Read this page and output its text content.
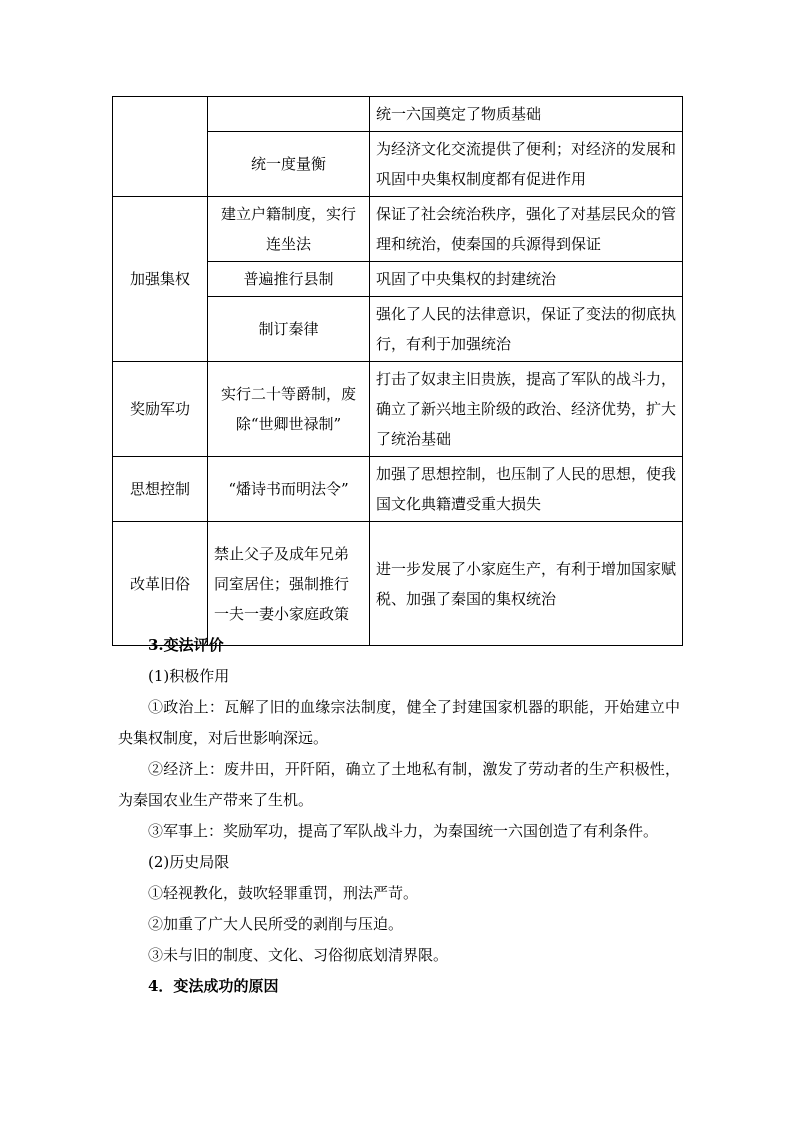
		统一六国奠定了物质基础
	统一度量衡	为经济文化交流提供了便利；对经济的发展和巩固中央集权制度都有促进作用
加强集权	建立户籍制度，实行连坐法	保证了社会统治秩序，强化了对基层民众的管理和统治，使秦国的兵源得到保证
	普遍推行县制	巩固了中央集权的封建统治
	制订秦律	强化了人民的法律意识，保证了变法的彻底执行，有利于加强统治
奖励军功	实行二十等爵制，废除“世卿世禄制”	打击了奴隶主旧贵族，提高了军队的战斗力，确立了新兴地主阶级的政治、经济优势，扩大了统治基础
思想控制	“燔诗书而明法令”	加强了思想控制，也压制了人民的思想，使我国文化典籍遭受重大损失
改革旧俗	禁止父子及成年兄弟同室居住；强制推行一夫一妻小家庭政策	进一步发展了小家庭生产，有利于增加国家赋税、加强了秦国的集权统治

3.变法评价

(1)积极作用

①政治上：瓦解了旧的血缘宗法制度，健全了封建国家机器的职能，开始建立中央集权制度，对后世影响深远。

②经济上：废井田，开阡陌，确立了土地私有制，激发了劳动者的生产积极性，为秦国农业生产带来了生机。

③军事上：奖励军功，提高了军队战斗力，为秦国统一六国创造了有利条件。

(2)历史局限

①轻视教化，鼓吹轻罪重罚，刑法严苛。

②加重了广大人民所受的剥削与压迫。

③未与旧的制度、文化、习俗彻底划清界限。

4．变法成功的原因
